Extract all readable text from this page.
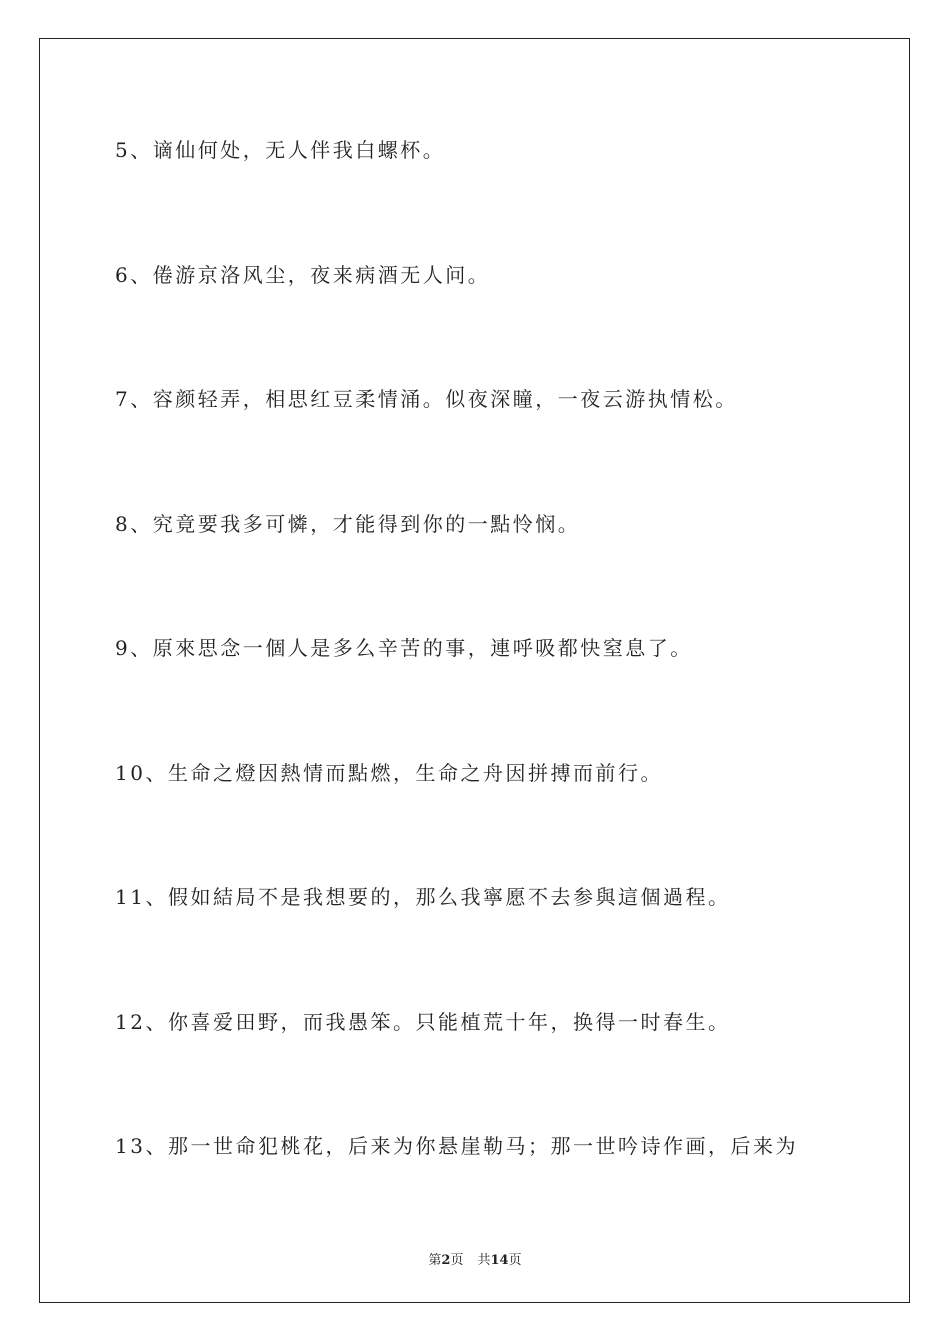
5、谪仙何处，无人伴我白螺杯。
6、倦游京洛风尘，夜来病酒无人问。
7、容颜轻弄，相思红豆柔情涌。似夜深瞳，一夜云游执情松。
8、究竟要我多可憐，才能得到你的一點怜悯。
9、原來思念一個人是多么辛苦的事，連呼吸都快窒息了。
10、生命之燈因熱情而點燃，生命之舟因拼搏而前行。
11、假如結局不是我想要的，那么我寧愿不去参與這個過程。
12、你喜爱田野，而我愚笨。只能植荒十年，换得一时春生。
13、那一世命犯桃花，后来为你悬崖勒马；那一世吟诗作画，后来为
第2页 共14页
